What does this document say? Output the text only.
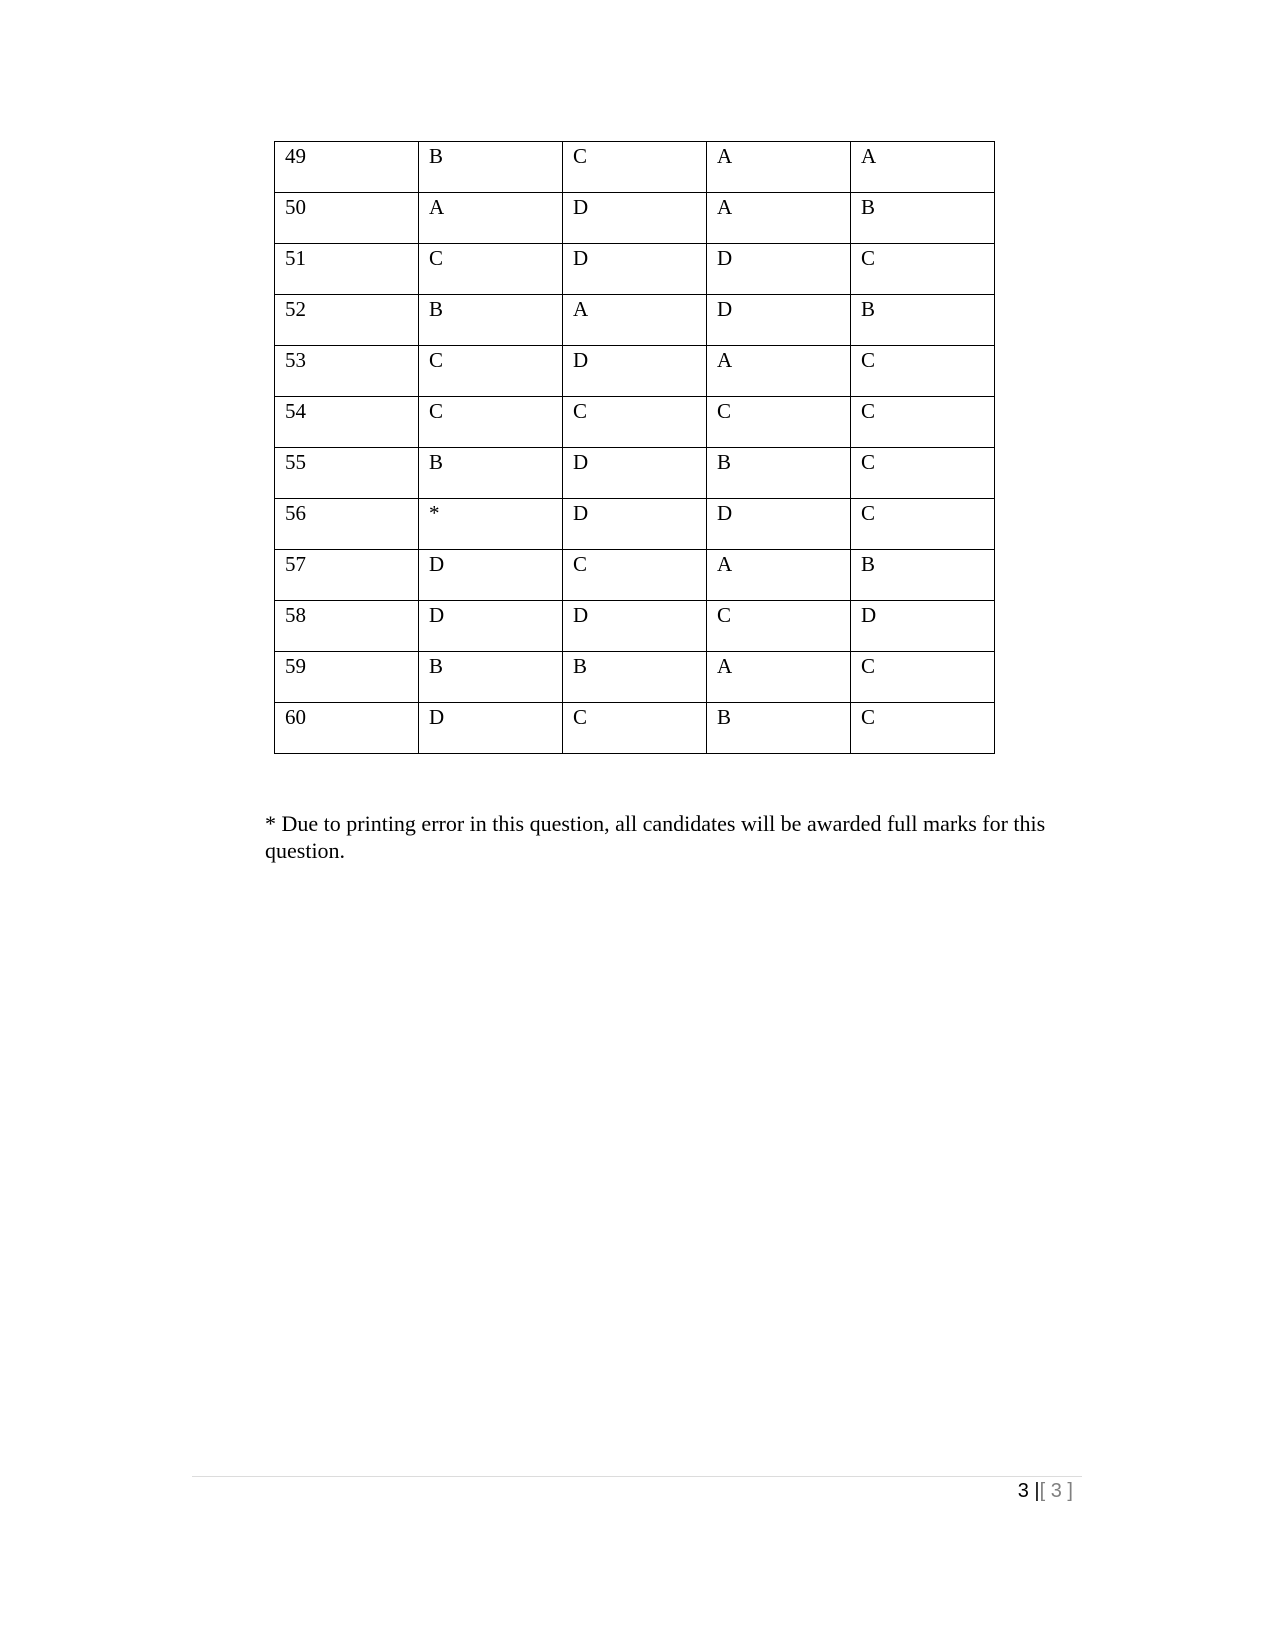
49	B	C	A	A

50	A	D	A	B

51	C	D	D	C

52	B	A	D	B

53	C	D	A	C

54	C	C	C	C

55	B	D	B	C

56	*	D	D	C

57	D	C	A	B

58	D	D	C	D

59	B	B	A	C

60	D	C	B	C
* Due to printing error in this question, all candidates will be awarded full marks for this question.
3 |[ 3 ]
